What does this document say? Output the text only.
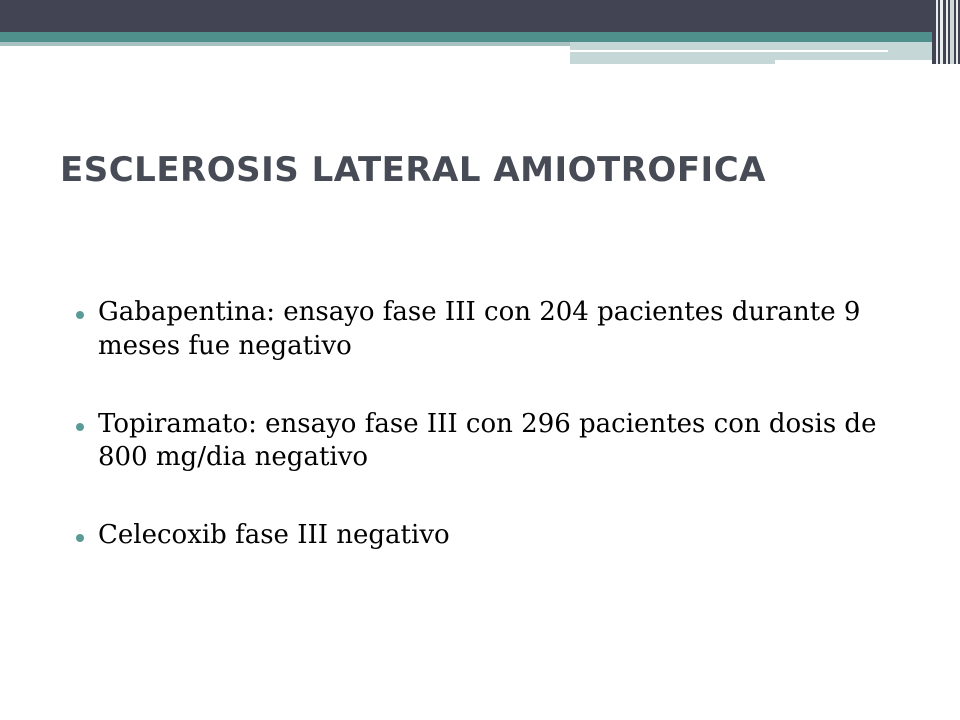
ESCLEROSIS LATERAL AMIOTROFICA
Gabapentina: ensayo fase III con 204 pacientes durante 9 meses fue negativo
Topiramato: ensayo fase III con 296 pacientes con dosis de 800 mg/dia negativo
Celecoxib fase III negativo
